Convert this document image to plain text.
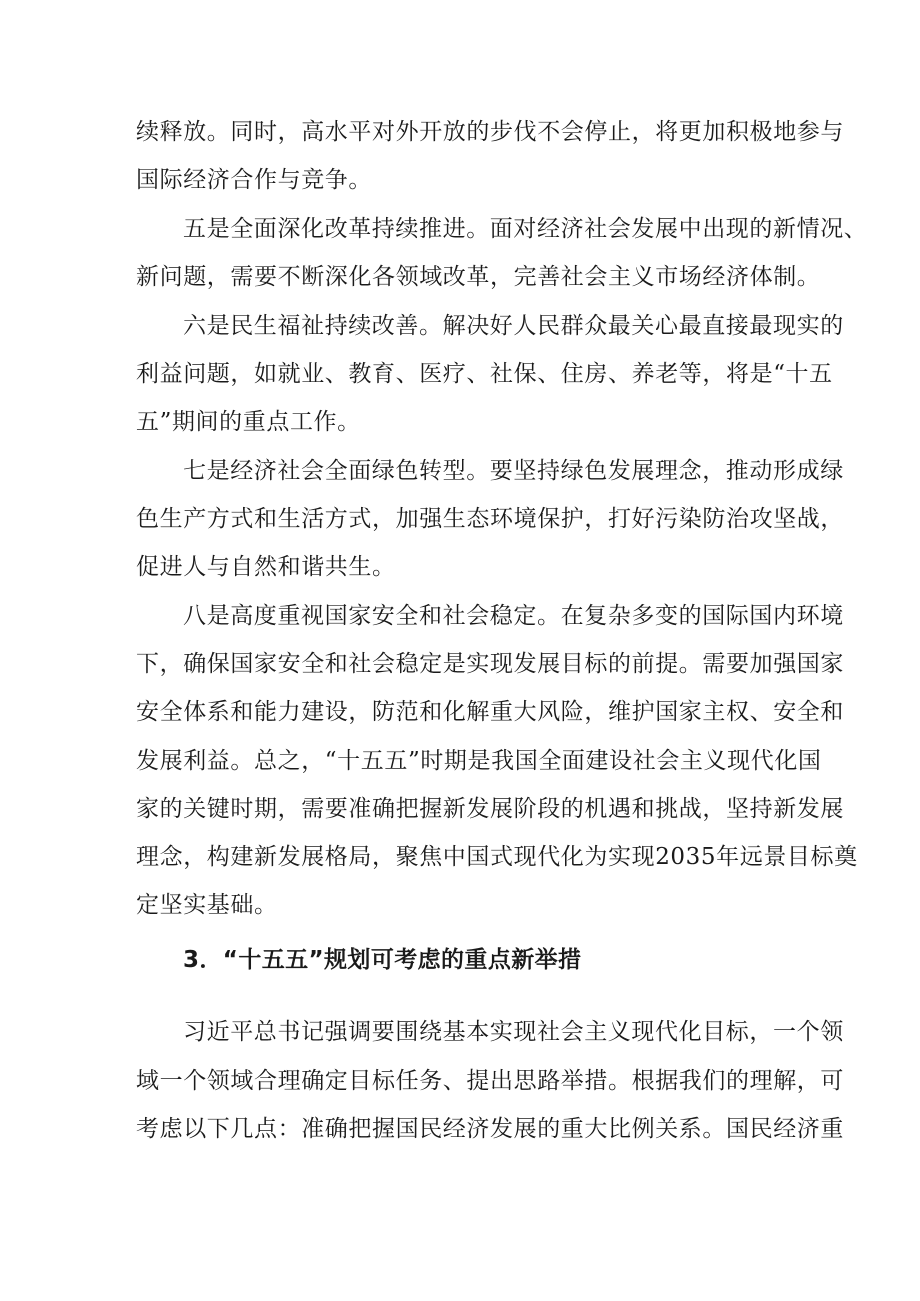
续释放。同时，高水平对外开放的步伐不会停止，将更加积极地参与
国际经济合作与竞争。
五是全面深化改革持续推进。面对经济社会发展中出现的新情况、
新问题，需要不断深化各领域改革，完善社会主义市场经济体制。
六是民生福祉持续改善。解决好人民群众最关心最直接最现实的
利益问题，如就业、教育、医疗、社保、住房、养老等，将是“十五
五”期间的重点工作。
七是经济社会全面绿色转型。要坚持绿色发展理念，推动形成绿
色生产方式和生活方式，加强生态环境保护，打好污染防治攻坚战，
促进人与自然和谐共生。
八是高度重视国家安全和社会稳定。在复杂多变的国际国内环境
下，确保国家安全和社会稳定是实现发展目标的前提。需要加强国家
安全体系和能力建设，防范和化解重大风险，维护国家主权、安全和
发展利益。总之，“十五五”时期是我国全面建设社会主义现代化国
家的关键时期，需要准确把握新发展阶段的机遇和挑战，坚持新发展
理念，构建新发展格局，聚焦中国式现代化为实现2035年远景目标奠
定坚实基础。
3．“十五五”规划可考虑的重点新举措
习近平总书记强调要围绕基本实现社会主义现代化目标，一个领
域一个领域合理确定目标任务、提出思路举措。根据我们的理解，可
考虑以下几点：准确把握国民经济发展的重大比例关系。国民经济重
